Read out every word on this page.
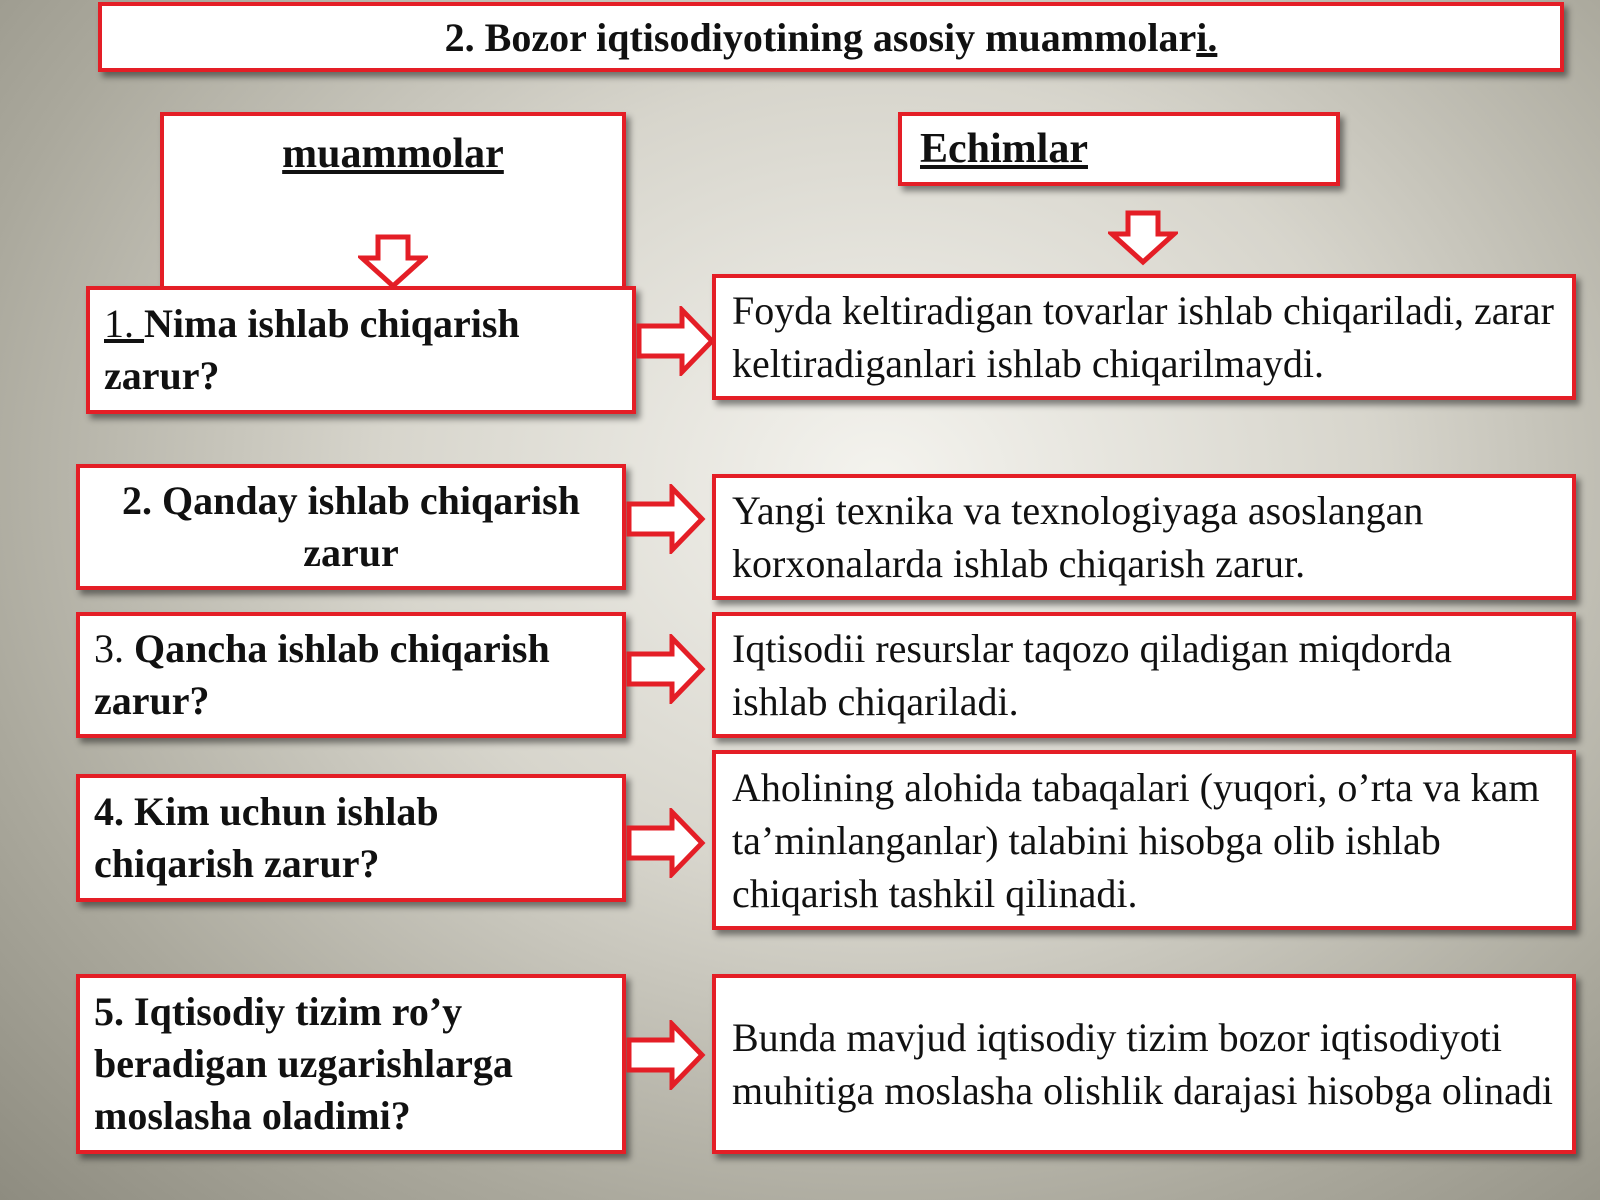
2. Bozor iqtisodiyotining asosiy muammolar i.
muammolar	Echimlar
1. Nima ishlab chiqarish zarur?
Foyda keltiradigan tovarlar ishlab chiqariladi, zarar keltiradiganlari ishlab chiqarilmaydi.
2. Qanday ishlab chiqarish zarur
Yangi texnika va texnologiyaga asoslangan korxonalarda ishlab chiqarish zarur.
3. Qancha ishlab chiqarish zarur?
Iqtisodii resurslar taqozo qiladigan miqdorda ishlab chiqariladi.
4. Kim uchun ishlab chiqarish zarur?
Aholining alohida tabaqalari (yuqori, o’rta va kam ta’minlanganlar) talabini hisobga olib ishlab chiqarish tashkil qilinadi.
5. Iqtisodiy tizim ro’y beradigan uzgarishlarga moslasha oladimi?
Bunda mavjud iqtisodiy tizim bozor iqtisodiyoti muhitiga moslasha olishlik darajasi hisobga olinadi
